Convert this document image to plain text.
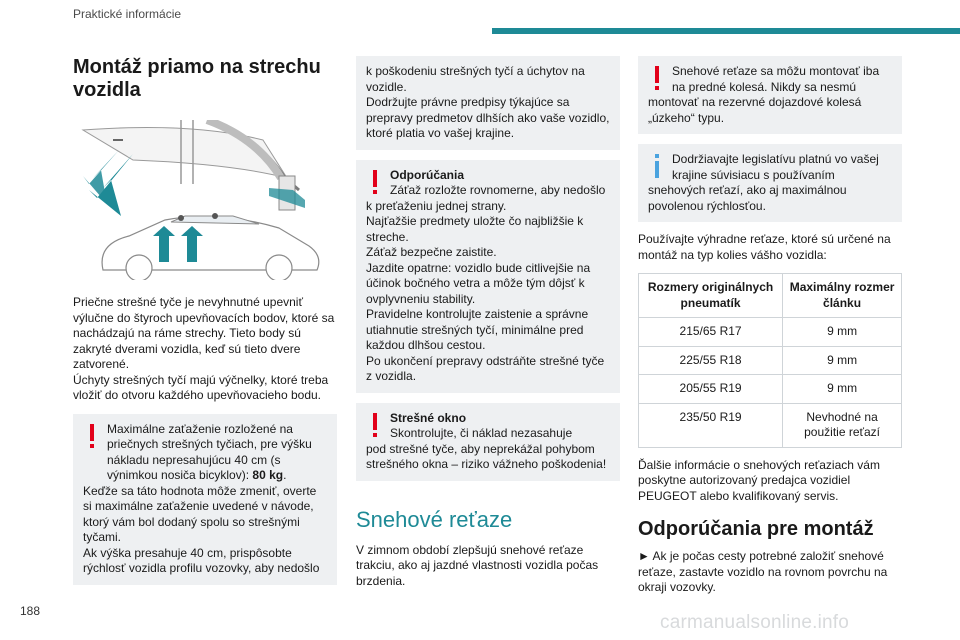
Praktické informácie
Montáž priamo na strechu vozidla
Priečne strešné tyče je nevyhnutné upevniť výlučne do štyroch upevňovacích bodov, ktoré sa nachádzajú na ráme strechy. Tieto body sú zakryté dverami vozidla, keď sú tieto dvere zatvorené.
Úchyty strešných tyčí majú výčnelky, ktoré treba vložiť do otvoru každého upevňovacieho bodu.
Maximálne zaťaženie rozložené na priečnych strešných tyčiach, pre výšku nákladu nepresahujúcu 40 cm (s výnimkou nosiča bicyklov): 80 kg.
Keďže sa táto hodnota môže zmeniť, overte si maximálne zaťaženie uvedené v návode, ktorý vám bol dodaný spolu so strešnými tyčami.
Ak výška presahuje 40 cm, prispôsobte rýchlosť vozidla profilu vozovky, aby nedošlo
k poškodeniu strešných tyčí a úchytov na vozidle.
Dodržujte právne predpisy týkajúce sa prepravy predmetov dlhších ako vaše vozidlo, ktoré platia vo vašej krajine.
Odporúčania
Záťaž rozložte rovnomerne, aby nedošlo
k preťaženiu jednej strany.
Najťažšie predmety uložte čo najbližšie k streche.
Záťaž bezpečne zaistite.
Jazdite opatrne: vozidlo bude citlivejšie na účinok bočného vetra a môže tým dôjsť k ovplyvneniu stability.
Pravidelne kontrolujte zaistenie a správne utiahnutie strešných tyčí, minimálne pred každou dlhšou cestou.
Po ukončení prepravy odstráňte strešné tyče z vozidla.
Strešné okno
Skontrolujte, či náklad nezasahuje
pod strešné tyče, aby neprekážal pohybom strešného okna – riziko vážneho poškodenia!
Snehové reťaze
V zimnom období zlepšujú snehové reťaze trakciu, ako aj jazdné vlastnosti vozidla počas brzdenia.
Snehové reťaze sa môžu montovať iba na predné kolesá. Nikdy sa nesmú
montovať na rezervné dojazdové kolesá „úzkeho“ typu.
Dodržiavajte legislatívu platnú vo vašej krajine súvisiacu s používaním
snehových reťazí, ako aj maximálnou povolenou rýchlosťou.
Používajte výhradne reťaze, ktoré sú určené na montáž na typ kolies vášho vozidla:
Rozmery originálnych pneumatík	Maximálny rozmer článku
215/65 R17	9 mm
225/55 R18	9 mm
205/55 R19	9 mm
235/50 R19	Nevhodné na použitie reťazí
Ďalšie informácie o snehových reťaziach vám poskytne autorizovaný predajca vozidiel PEUGEOT alebo kvalifikovaný servis.
Odporúčania pre montáž
► Ak je počas cesty potrebné založiť snehové reťaze, zastavte vozidlo na rovnom povrchu na okraji vozovky.
188
carmanualsonline.info
